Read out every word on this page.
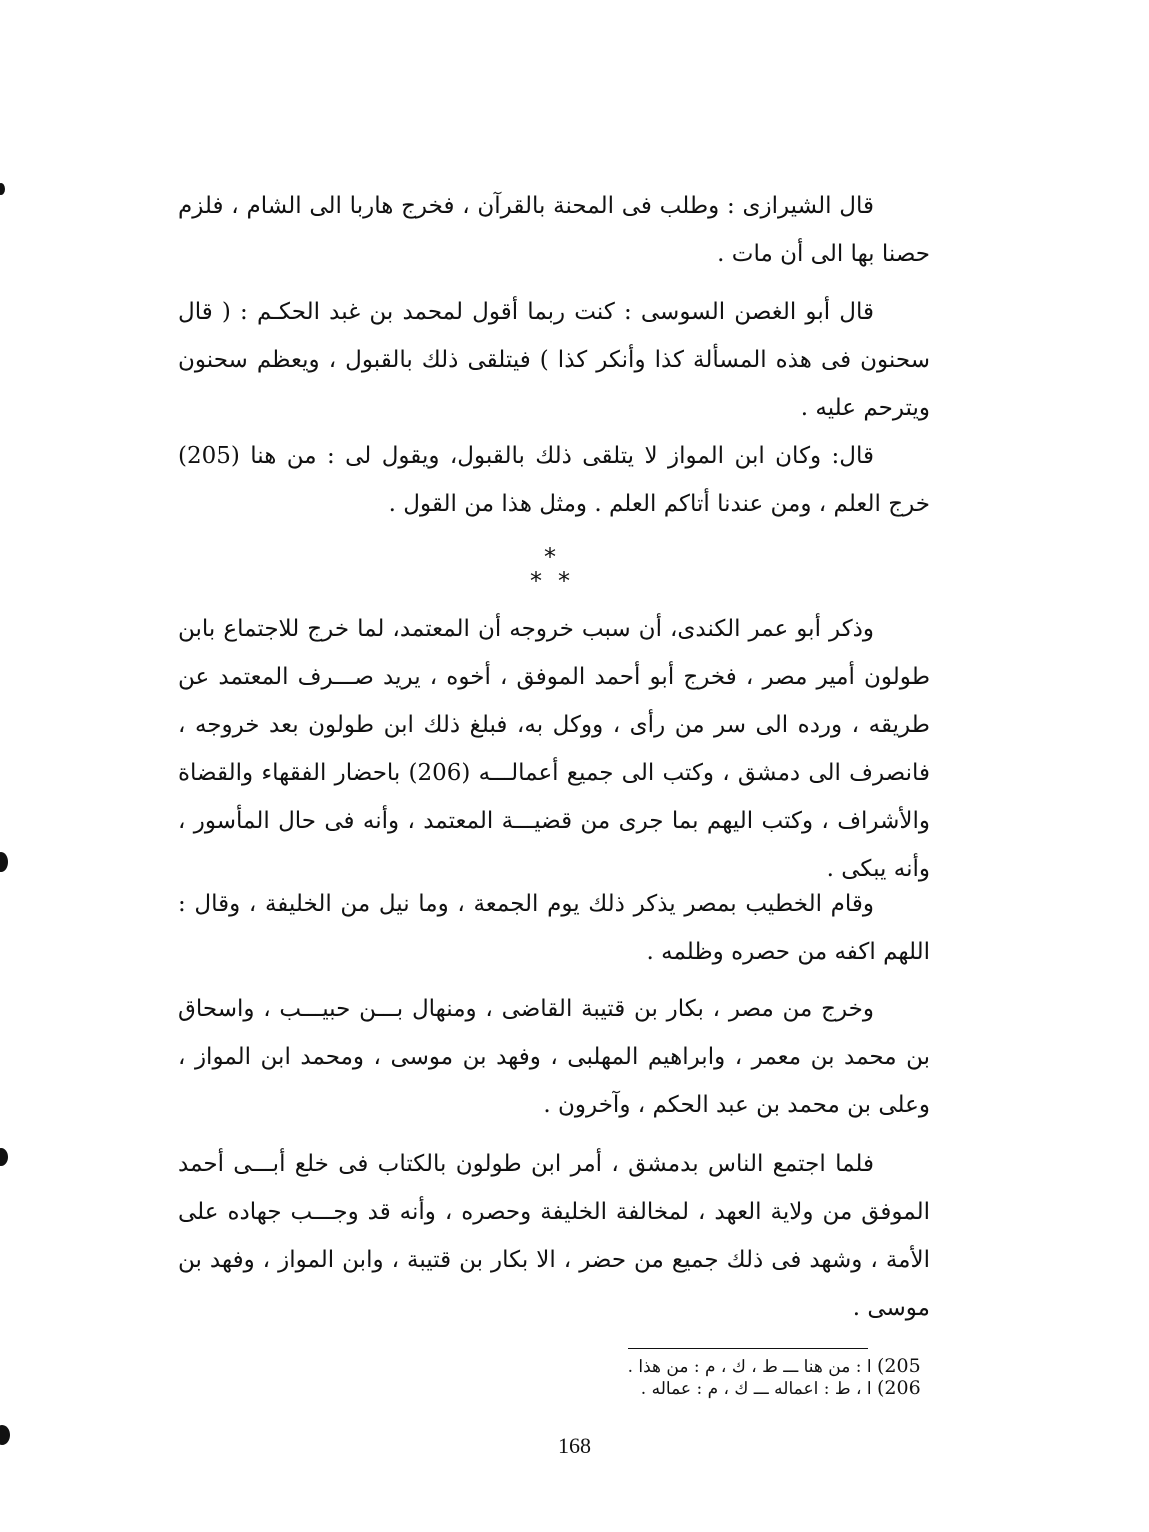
قال الشيرازى : وطلب فى المحنة بالقرآن ، فخرج هاربا الى الشام ، فلزم حصنا بها الى أن مات .

قال أبو الغصن السوسى : كنت ربما أقول لمحمد بن غبد الحكـم : ( قال سحنون فى هذه المسألة كذا وأنكر كذا ) فيتلقى ذلك بالقبول ، ويعظم سحنون ويترحم عليه .

قال: وكان ابن المواز لا يتلقى ذلك بالقبول، ويقول لى : من هنا (205) خرج العلم ، ومن عندنا أتاكم العلم . ومثل هذا من القول .

*
* *

وذكر أبو عمر الكندى، أن سبب خروجه أن المعتمد، لما خرج للاجتماع بابن طولون أمير مصر ، فخرج أبو أحمد الموفق ، أخوه ، يريد صـــرف المعتمد عن طريقه ، ورده الى سر من رأى ، ووكل به، فبلغ ذلك ابن طولون بعد خروجه ، فانصرف الى دمشق ، وكتب الى جميع أعمالـــه (206) باحضار الفقهاء والقضاة والأشراف ، وكتب اليهم بما جرى من قضيـــة المعتمد ، وأنه فى حال المأسور ، وأنه يبكى .

وقام الخطيب بمصر يذكر ذلك يوم الجمعة ، وما نيل من الخليفة ، وقال : اللهم اكفه من حصره وظلمه .

وخرج من مصر ، بكار بن قتيبة القاضى ، ومنهال بـــن حبيـــب ، واسحاق بن محمد بن معمر ، وابراهيم المهلبى ، وفهد بن موسى ، ومحمد ابن المواز ، وعلى بن محمد بن عبد الحكم ، وآخرون .

فلما اجتمع الناس بدمشق ، أمر ابن طولون بالكتاب فى خلع أبـــى أحمد الموفق من ولاية العهد ، لمخالفة الخليفة وحصره ، وأنه قد وجـــب جهاده على الأمة ، وشهد فى ذلك جميع من حضر ، الا بكار بن قتيبة ، وابن المواز ، وفهد بن موسى .

(205 ا : من هنا ـــ ط ، ك ، م : من هذا .
(206 ا ، ط : اعماله ـــ ك ، م : عماله .
168
